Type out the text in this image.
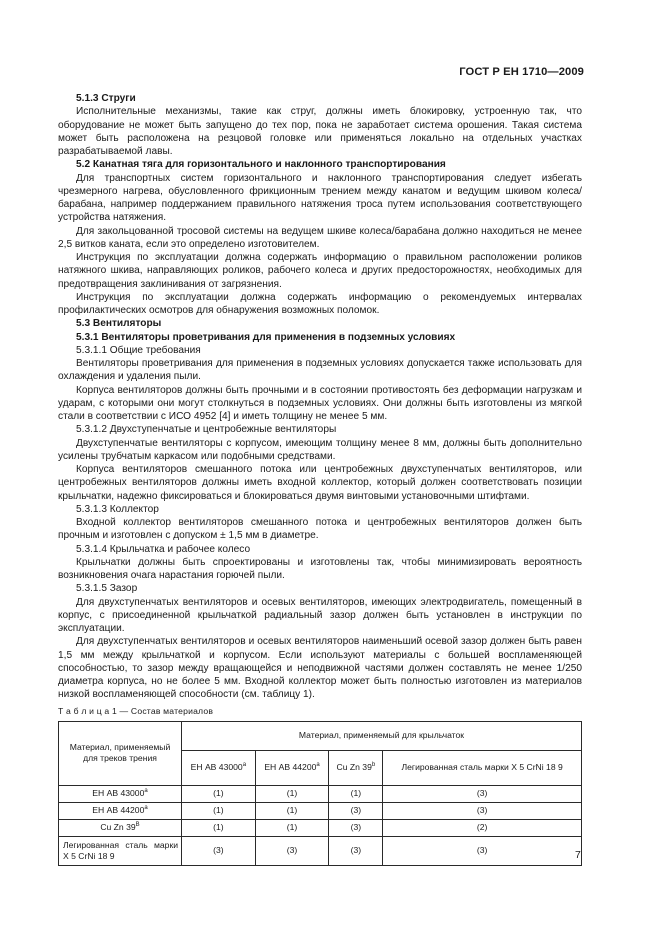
ГОСТ Р ЕН 1710—2009

5.1.3 Струги

Исполнительные механизмы, такие как струг, должны иметь блокировку, устроенную так, что оборудование не может быть запущено до тех пор, пока не заработает система орошения. Такая система может быть расположена на резцовой головке или применяться локально на отдельных участках разрабатываемой лавы.

5.2 Канатная тяга для горизонтального и наклонного транспортирования

Для транспортных систем горизонтального и наклонного транспортирования следует избегать чрезмерного нагрева, обусловленного фрикционным трением между канатом и ведущим шкивом колеса/барабана, например поддержанием правильного натяжения троса путем использования соответствующего устройства натяжения.

Для закольцованной тросовой системы на ведущем шкиве колеса/барабана должно находиться не менее 2,5 витков каната, если это определено изготовителем.

Инструкция по эксплуатации должна содержать информацию о правильном расположении роликов натяжного шкива, направляющих роликов, рабочего колеса и других предосторожностях, необходимых для предотвращения заклинивания от загрязнения.

Инструкция по эксплуатации должна содержать информацию о рекомендуемых интервалах профилактических осмотров для обнаружения возможных поломок.

5.3 Вентиляторы

5.3.1 Вентиляторы проветривания для применения в подземных условиях

5.3.1.1 Общие требования

Вентиляторы проветривания для применения в подземных условиях допускается также использовать для охлаждения и удаления пыли.

Корпуса вентиляторов должны быть прочными и в состоянии противостоять без деформации нагрузкам и ударам, с которыми они могут столкнуться в подземных условиях. Они должны быть изготовлены из мягкой стали в соответствии с ИСО 4952 [4] и иметь толщину не менее 5 мм.

5.3.1.2 Двухступенчатые и центробежные вентиляторы

Двухступенчатые вентиляторы с корпусом, имеющим толщину менее 8 мм, должны быть дополнительно усилены трубчатым каркасом или подобными средствами.

Корпуса вентиляторов смешанного потока или центробежных двухступенчатых вентиляторов, или центробежных вентиляторов должны иметь входной коллектор, который должен соответствовать позиции крыльчатки, надежно фиксироваться и блокироваться двумя винтовыми установочными штифтами.

5.3.1.3 Коллектор

Входной коллектор вентиляторов смешанного потока и центробежных вентиляторов должен быть прочным и изготовлен с допуском ± 1,5 мм в диаметре.

5.3.1.4 Крыльчатка и рабочее колесо

Крыльчатки должны быть спроектированы и изготовлены так, чтобы минимизировать вероятность возникновения очага нарастания горючей пыли.

5.3.1.5 Зазор

Для двухступенчатых вентиляторов и осевых вентиляторов, имеющих электродвигатель, помещенный в корпус, с присоединенной крыльчаткой радиальный зазор должен быть установлен в инструкции по эксплуатации.

Для двухступенчатых вентиляторов и осевых вентиляторов наименьший осевой зазор должен быть равен 1,5 мм между крыльчаткой и корпусом. Если используют материалы с большей воспламеняющей способностью, то зазор между вращающейся и неподвижной частями должен составлять не менее 1/250 диаметра корпуса, но не более 5 мм. Входной коллектор может быть полностью изготовлен из материалов низкой воспламеняющей способности (см. таблицу 1).

Т а б л и ц а 1 — Состав материалов

Материал, применяемый для треков трения	Материал, применяемый для крыльчаток			
	ЕН АВ 43000$^a$	ЕН АВ 44200$^a$	Cu Zn 39$^b$	Легированная сталь марки X 5 CrNi 18 9
ЕН АВ 43000$^a$	(1)	(1)	(1)	(3)
ЕН АВ 44200$^a$	(1)	(1)	(3)	(3)
Cu Zn $39^B$	(1)	(1)	(3)	(2)
Легированная сталь марки X 5 CrNi 18 9	(3)	(3)	(3)	(3)	7
